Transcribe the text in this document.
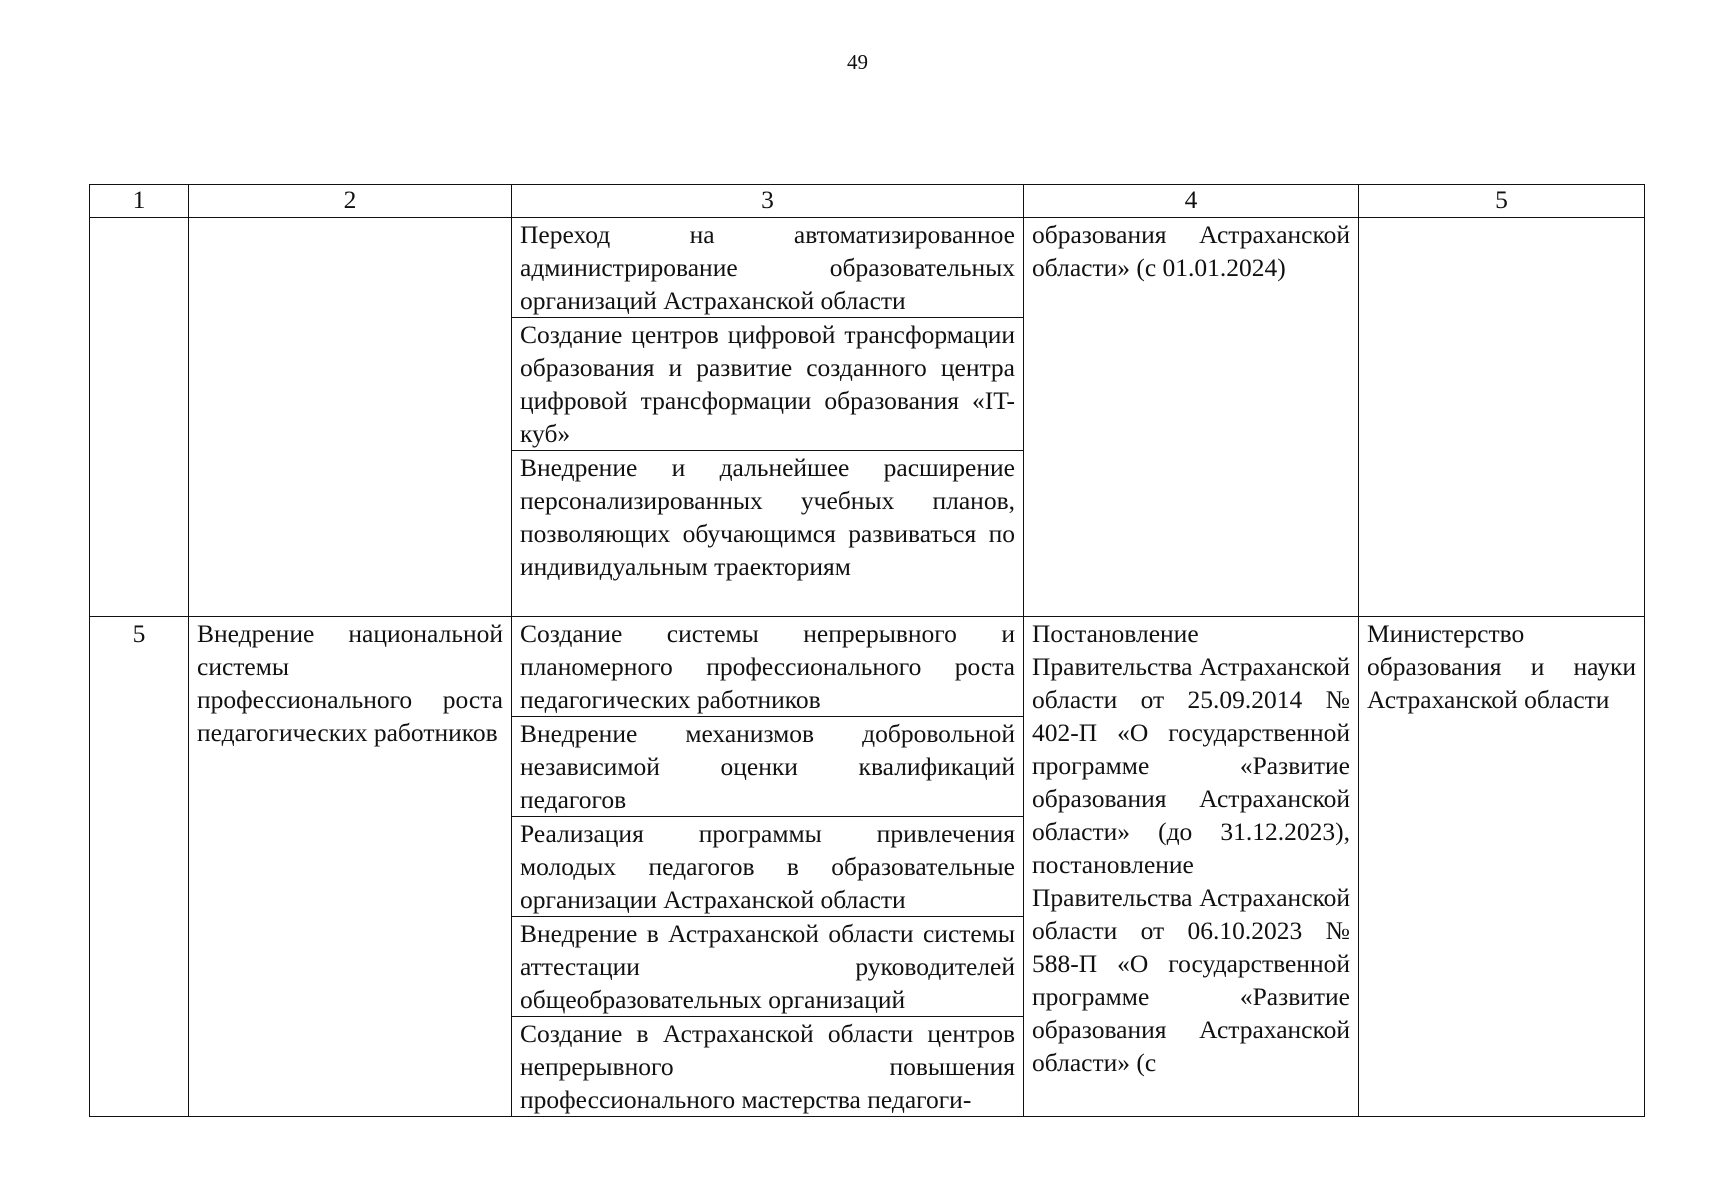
49
1	2	3	4	5
		Переход на автоматизированное администрирование образовательных организаций Астраханской области	образования Астраханской области» (с 01.01.2024)	
		Создание центров цифровой трансформации образования и развитие созданного центра цифровой трансформации образования «IT-куб»		
		Внедрение и дальнейшее расширение персонализированных учебных планов, позволяющих обучающимся развиваться по индивидуальным траекториям		
5	Внедрение национальной системы профессионального роста педагогических работников	Создание системы непрерывного и планомерного профессионального роста педагогических работников	Постановление Правительства Астраханской области от 25.09.2014 № 402-П «О государственной программе «Развитие образования Астраханской области» (до 31.12.2023), постановление Правительства Астраханской области от 06.10.2023 № 588-П «О государственной программе «Развитие образования Астраханской области» (с	Министерство образования и науки Астраханской области
		Внедрение механизмов добровольной независимой оценки квалификаций педагогов		
		Реализация программы привлечения молодых педагогов в образовательные организации Астраханской области		
		Внедрение в Астраханской области системы аттестации руководителей общеобразовательных организаций		
		Создание в Астраханской области центров непрерывного повышения профессионального мастерства педагоги-		
